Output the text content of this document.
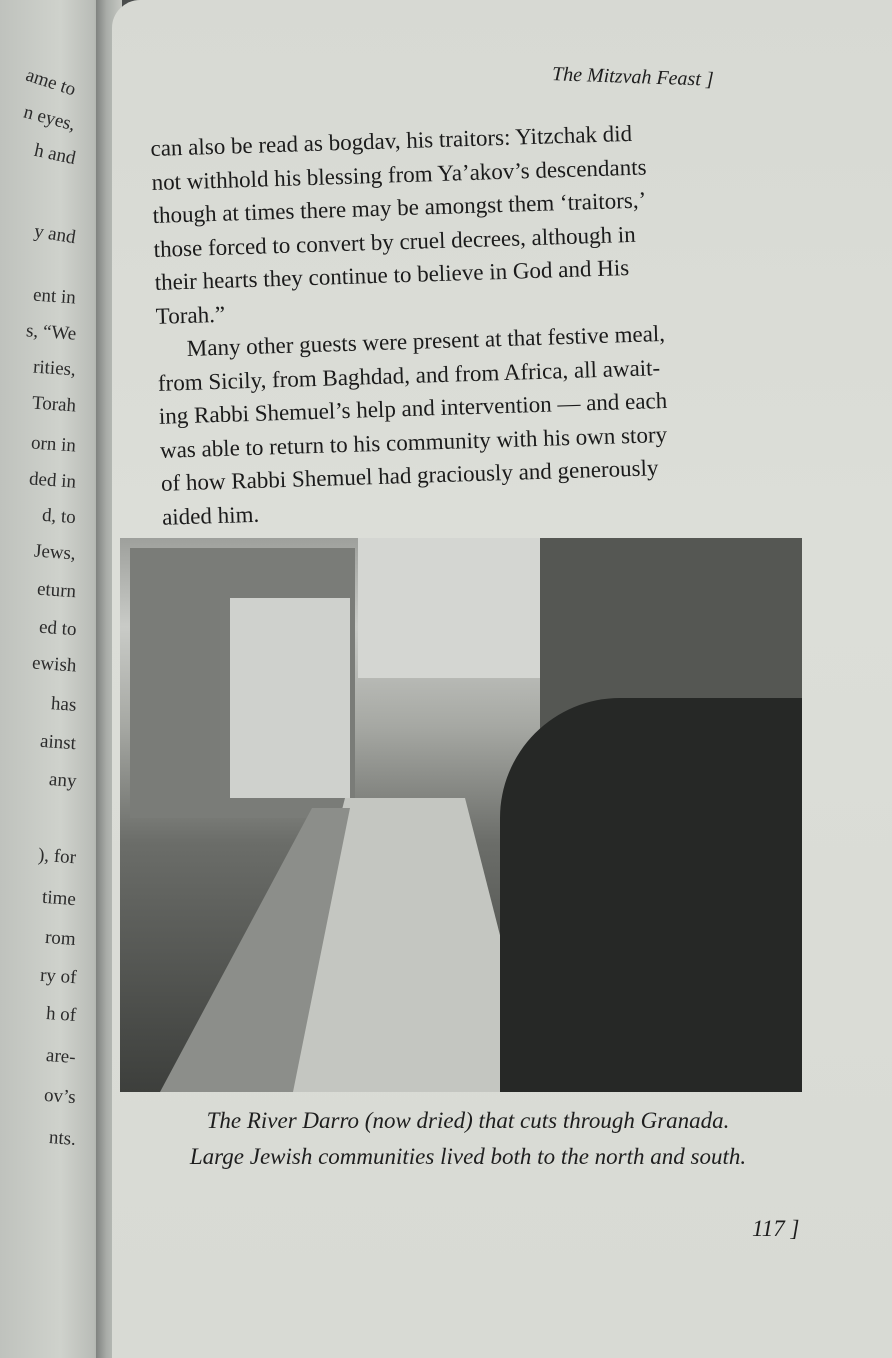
ame to
n eyes,
h and
y and
ent in
s, “We
rities,
Torah
orn in
ded in
d, to
Jews,
eturn
ed to
ewish
has
ainst
any
), for
time
rom
ry of
h of
are-
ov’s
nts.
The Mitzvah Feast ]
can also be read as bogdav, his traitors: Yitzchak did
not withhold his blessing from Ya’akov’s descendants
though at times there may be amongst them ‘traitors,’
those forced to convert by cruel decrees, although in
their hearts they continue to believe in God and His
Torah.”
Many other guests were present at that festive meal,
from Sicily, from Baghdad, and from Africa, all await-
ing Rabbi Shemuel’s help and intervention — and each
was able to return to his community with his own story
of how Rabbi Shemuel had graciously and generously
aided him.
The River Darro (now dried) that cuts through Granada.
Large Jewish communities lived both to the north and south.
117 ]
